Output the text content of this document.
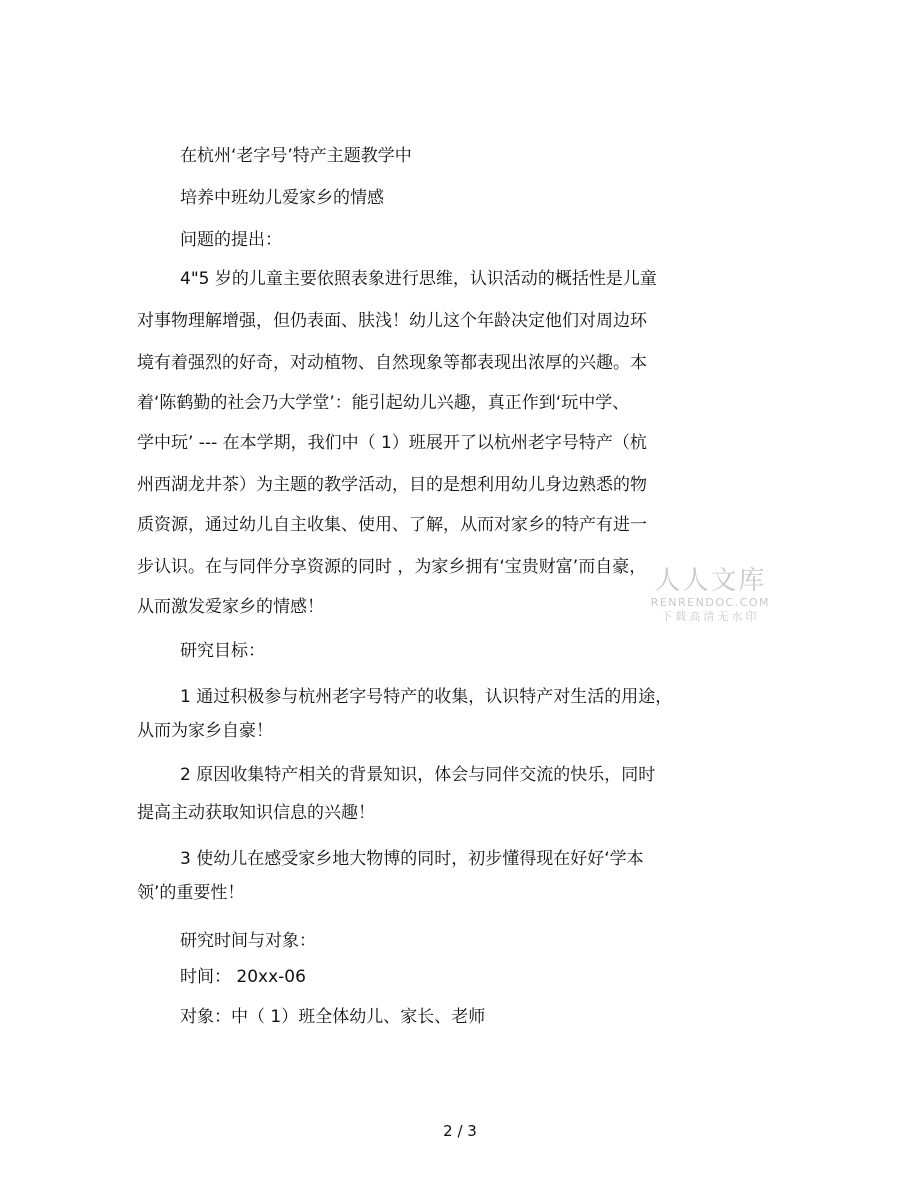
在杭州‘老字号’特产主题教学中
培养中班幼儿爱家乡的情感
问题的提出：
4"5 岁的儿童主要依照表象进行思维，认识活动的概括性是儿童
对事物理解增强，但仍表面、肤浅！幼儿这个年龄决定他们对周边环
境有着强烈的好奇，对动植物、自然现象等都表现出浓厚的兴趣。本
着‘陈鹤勤的社会乃大学堂’：能引起幼儿兴趣，真正作到‘玩中学、
学中玩’ --- 在本学期，我们中（ 1）班展开了以杭州老字号特产（杭
州西湖龙井茶）为主题的教学活动，目的是想利用幼儿身边熟悉的物
质资源，通过幼儿自主收集、使用、了解，从而对家乡的特产有进一
步认识。在与同伴分享资源的同时 ，为家乡拥有‘宝贵财富’而自豪，
从而激发爱家乡的情感！
研究目标：
1 通过积极参与杭州老字号特产的收集，认识特产对生活的用途，
从而为家乡自豪！
2 原因收集特产相关的背景知识，体会与同伴交流的快乐，同时
提高主动获取知识信息的兴趣！
3 使幼儿在感受家乡地大物博的同时，初步懂得现在好好‘学本
领’的重要性！
研究时间与对象：
时间： 20xx-06
对象：中（ 1）班全体幼儿、家长、老师
人人文库
RENRENDOC.COM
下载高清无水印
2 / 3
